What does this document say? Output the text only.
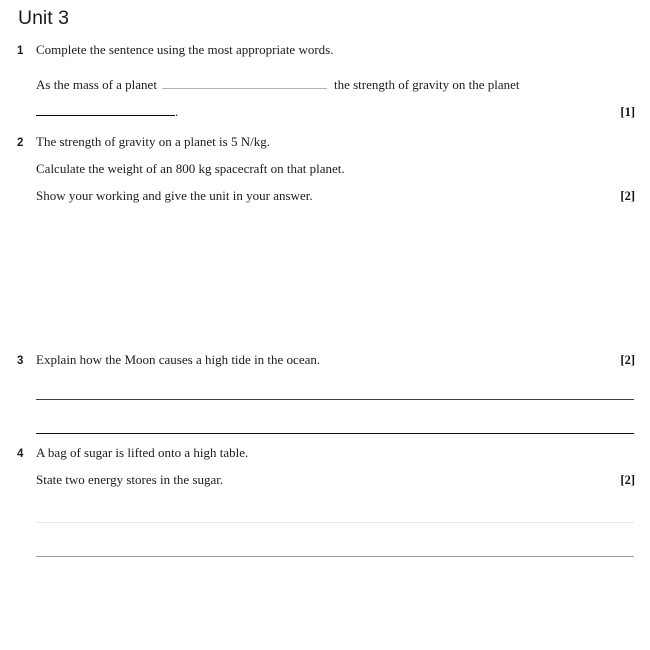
Unit 3
1 Complete the sentence using the most appropriate words.
As the mass of a planet	the strength of gravity on the planet
.	[1]
2 The strength of gravity on a planet is 5 N/kg.
Calculate the weight of an 800 kg spacecraft on that planet.
Show your working and give the unit in your answer.	[2]
3 Explain how the Moon causes a high tide in the ocean.	[2]
4 A bag of sugar is lifted onto a high table.
State two energy stores in the sugar.	[2]
